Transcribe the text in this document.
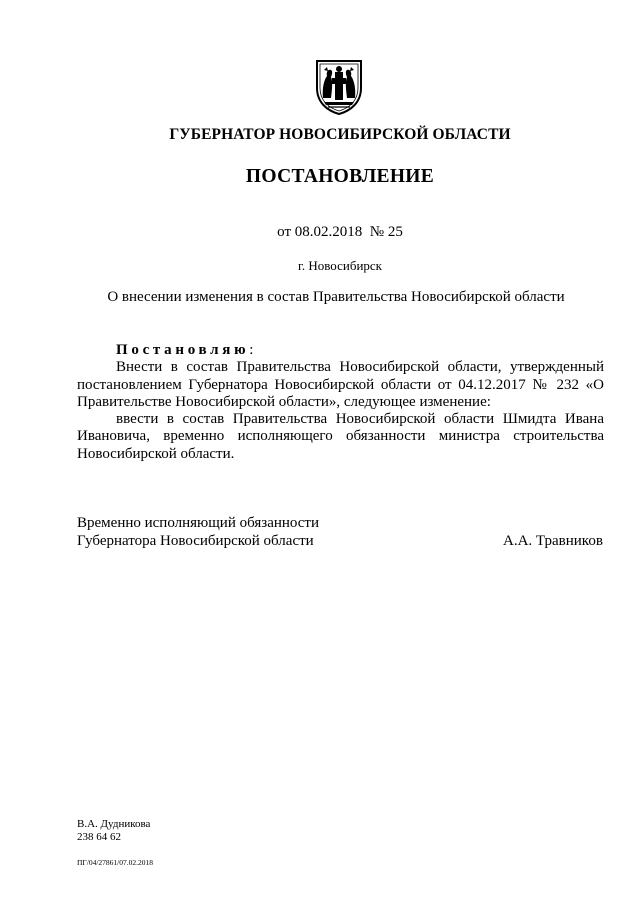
ГУБЕРНАТОР НОВОСИБИРСКОЙ ОБЛАСТИ
ПОСТАНОВЛЕНИЕ
от 08.02.2018  № 25
г. Новосибирск
О внесении изменения в состав Правительства Новосибирской области

Постановляю:

Внести в состав Правительства Новосибирской области, утвержденный постановлением Губернатора Новосибирской области от 04.12.2017 № 232 «О Правительстве Новосибирской области», следующее изменение:

ввести в состав Правительства Новосибирской области Шмидта Ивана Ивановича, временно исполняющего обязанности министра строительства Новосибирской области.

Временно исполняющий обязанности
Губернатора Новосибирской области	А.А. Травников
В.А. Дудникова
238 64 62
ПГ/04/27861/07.02.2018
